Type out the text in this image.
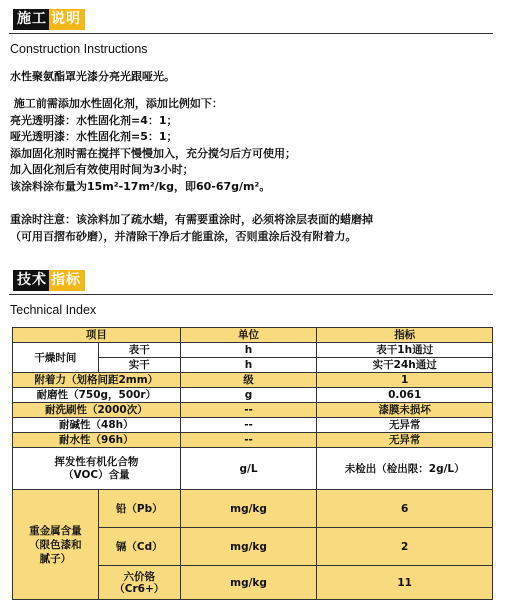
施工 说明
Construction Instructions
水性聚氨酯罩光漆分亮光跟哑光。
施工前需添加水性固化剂，添加比例如下：
亮光透明漆：水性固化剂=4：1；
哑光透明漆：水性固化剂=5：1；
添加固化剂时需在搅拌下慢慢加入，充分搅匀后方可使用；
加入固化剂后有效使用时间为3小时；
该涂料涂布量为15m²-17m²/kg，即60-67g/m²。
重涂时注意：该涂料加了疏水蜡，有需要重涂时，必须将涂层表面的蜡磨掉
（可用百摺布砂磨），并清除干净后才能重涂，否则重涂后没有附着力。
技术 指标
Technical Index
项目		单位	指标
干燥时间	表干	h	表干1h通过
	实干	h	实干24h通过
附着力（划格间距2mm）		级	1
耐磨性（750g，500r）		g	0.061
耐洗刷性（2000次）		--	漆膜未损坏
耐碱性（48h）		--	无异常
耐水性（96h）		--	无异常
挥发性有机化合物
（VOC）含量		g/L	未检出（检出限：2g/L）
重金属含量
（限色漆和
腻子）	铅（Pb）	mg/kg	6
	镉（Cd）	mg/kg	2
	六价铬
（Cr6+）	mg/kg	11
